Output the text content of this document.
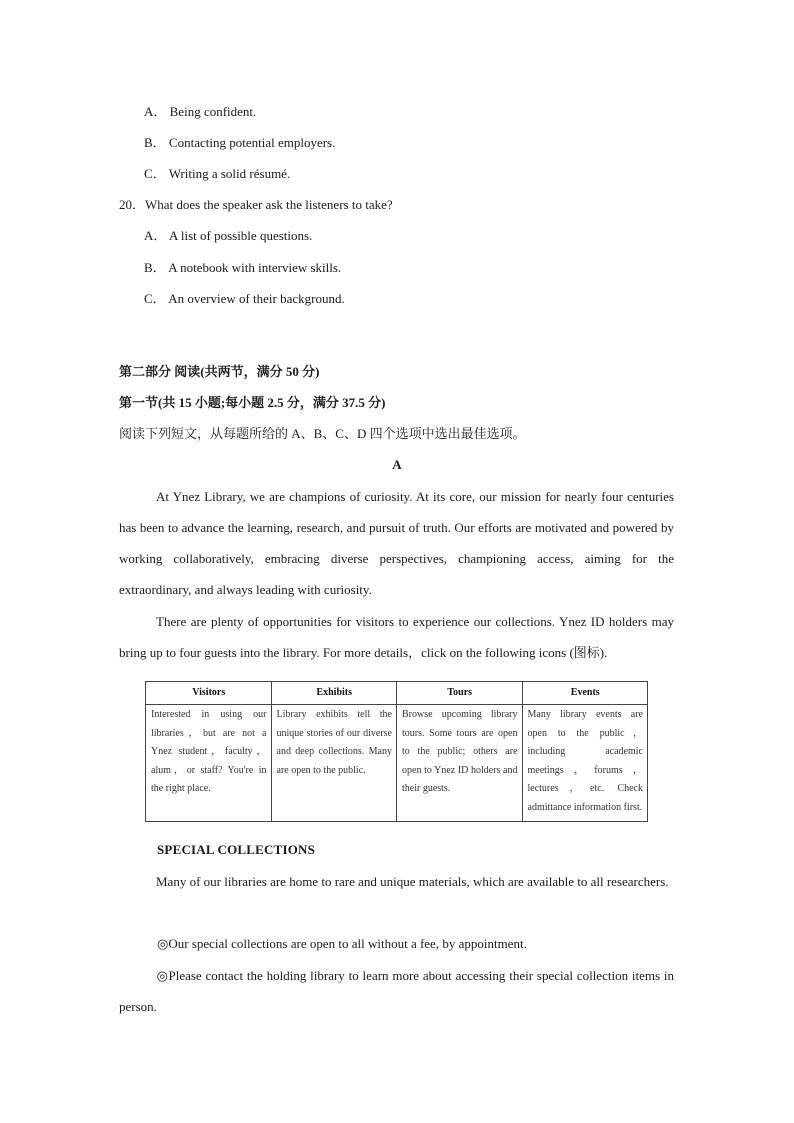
A． Being confident.
B． Contacting potential employers.
C． Writing a solid résumé.
20．What does the speaker ask the listeners to take?
A． A list of possible questions.
B． A notebook with interview skills.
C． An overview of their background.
第二部分 阅读(共两节，满分 50 分)
第一节(共 15 小题;每小题 2.5 分，满分 37.5 分)
阅读下列短文，从每题所给的 A、B、C、D 四个选项中选出最佳选项。
A

At Ynez Library, we are champions of curiosity. At its core, our mission for nearly four centuries has been to advance the learning, research, and pursuit of truth. Our efforts are motivated and powered by working collaboratively, embracing diverse perspectives, championing access, aiming for the extraordinary, and always leading with curiosity.

There are plenty of opportunities for visitors to experience our collections. Ynez ID holders may bring up to four guests into the library. For more details，click on the following icons (图标).

Visitors	Exhibits	Tours	Events
Interested in using our libraries，but are not a Ynez student，faculty，alum，or staff? You're in the right place.	Library exhibits tell the unique stories of our diverse and deep collections. Many are open to the public.	Browse upcoming library tours. Some tours are open to the public; others are open to Ynez ID holders and their guests.	Many library events are open to the public，including academic meetings，forums，lectures，etc. Check admittance information first.
SPECIAL COLLECTIONS

Many of our libraries are home to rare and unique materials, which are available to all researchers.

◎Our special collections are open to all without a fee, by appointment.

◎Please contact the holding library to learn more about accessing their special collection items in person.
